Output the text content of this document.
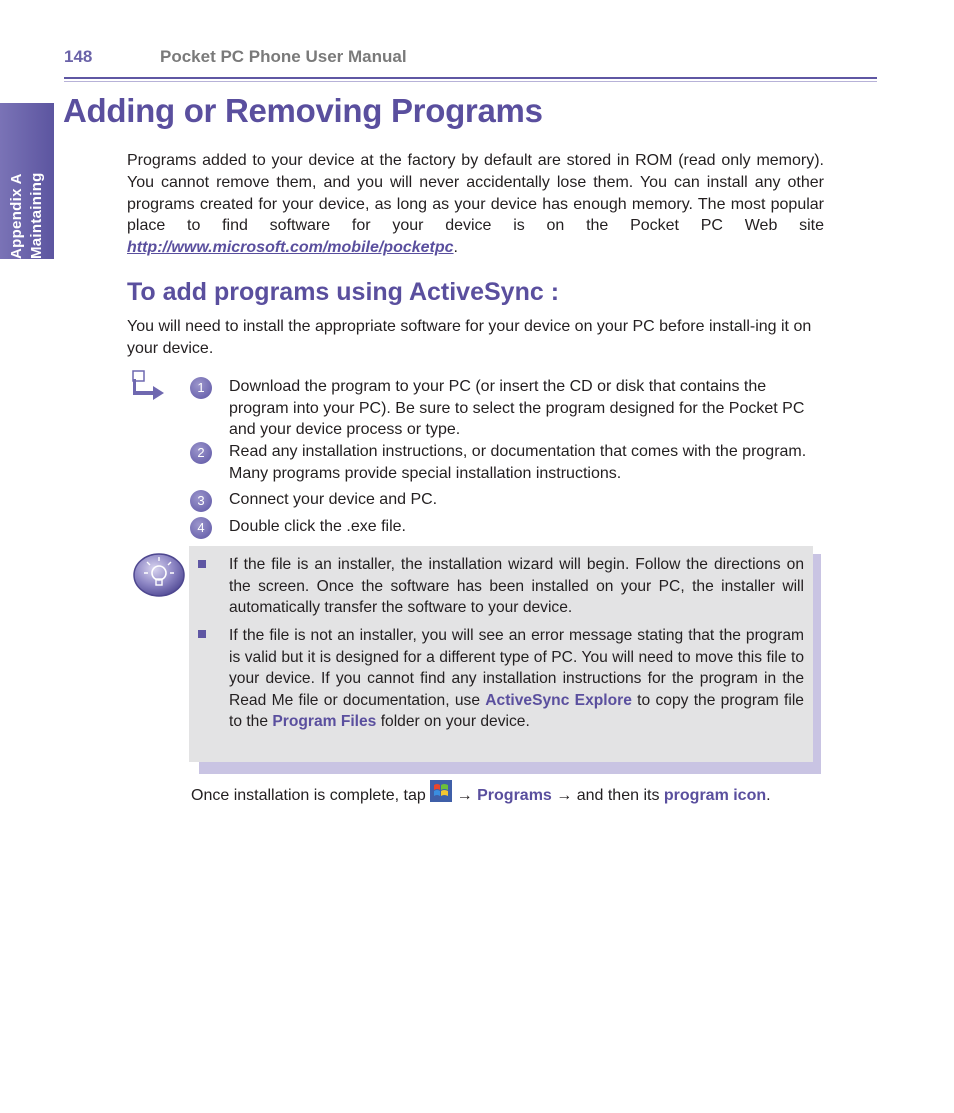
148	Pocket PC Phone User Manual
Appendix A Maintaining
Adding or Removing Programs

Programs added to your device at the factory by default are stored in ROM (read only memory). You cannot remove them, and you will never accidentally lose them. You can install any other programs created for your device, as long as your device has enough memory. The most popular place to find software for your device is on the Pocket PC Web site http://www.microsoft.com/mobile/pocketpc.

To add programs using ActiveSync :

You will need to install the appropriate software for your device on your PC before install-ing it on your device.

1	Download the program to your PC (or insert the CD or disk that contains the program into your PC). Be sure to select the program designed for the Pocket PC and your device process or type.
2	Read any installation instructions, or documentation that comes with the program. Many programs provide special installation instructions.
3	Connect your device and PC.
4	Double click the .exe file.

If the file is an installer, the installation wizard will begin. Follow the directions on the screen. Once the software has been installed on your PC, the installer will automatically transfer the software to your device.

If the file is not an installer, you will see an error message stating that the program is valid but it is designed for a different type of PC. You will need to move this file to your device. If you cannot find any installation instructions for the program in the Read Me file or documentation, use ActiveSync Explore to copy the program file to the Program Files folder on your device.

Once installation is complete, tap  → Programs → and then its program icon.
